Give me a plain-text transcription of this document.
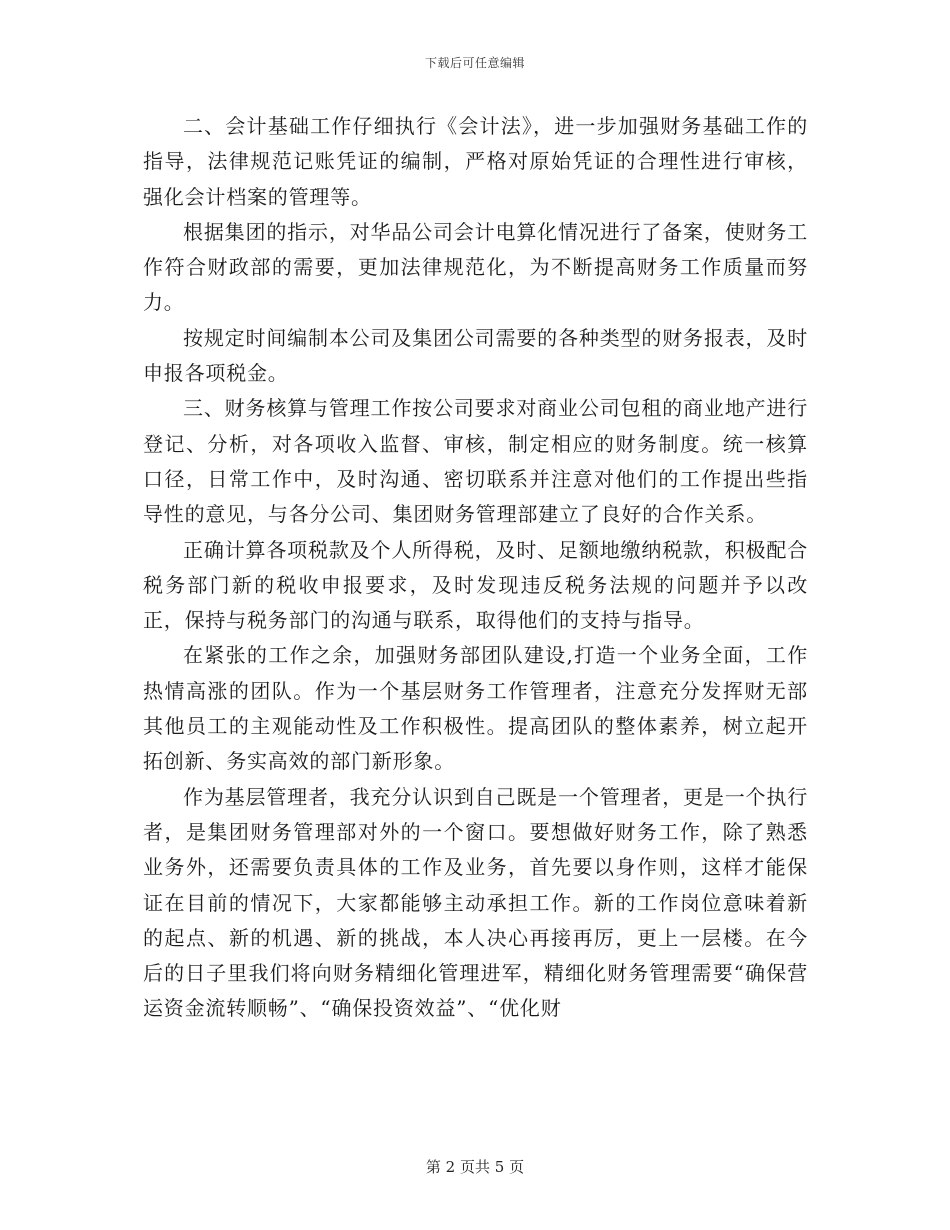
下载后可任意编辑

二、会计基础工作仔细执行《会计法》，进一步加强财务基础工作的指导，法律规范记账凭证的编制，严格对原始凭证的合理性进行审核，强化会计档案的管理等。

根据集团的指示，对华品公司会计电算化情况进行了备案，使财务工作符合财政部的需要，更加法律规范化，为不断提高财务工作质量而努力。

按规定时间编制本公司及集团公司需要的各种类型的财务报表，及时申报各项税金。

三、财务核算与管理工作按公司要求对商业公司包租的商业地产进行登记、分析，对各项收入监督、审核，制定相应的财务制度。统一核算口径，日常工作中，及时沟通、密切联系并注意对他们的工作提出些指导性的意见，与各分公司、集团财务管理部建立了良好的合作关系。

正确计算各项税款及个人所得税，及时、足额地缴纳税款，积极配合税务部门新的税收申报要求，及时发现违反税务法规的问题并予以改正，保持与税务部门的沟通与联系，取得他们的支持与指导。

在紧张的工作之余，加强财务部团队建设,打造一个业务全面，工作热情高涨的团队。作为一个基层财务工作管理者，注意充分发挥财无部其他员工的主观能动性及工作积极性。提高团队的整体素养，树立起开拓创新、务实高效的部门新形象。

作为基层管理者，我充分认识到自己既是一个管理者，更是一个执行者，是集团财务管理部对外的一个窗口。要想做好财务工作，除了熟悉业务外，还需要负责具体的工作及业务，首先要以身作则，这样才能保证在目前的情况下，大家都能够主动承担工作。新的工作岗位意味着新的起点、新的机遇、新的挑战，本人决心再接再厉，更上一层楼。在今后的日子里我们将向财务精细化管理进军，精细化财务管理需要“确保营运资金流转顺畅”、“确保投资效益”、“优化财

第 2 页共 5 页
